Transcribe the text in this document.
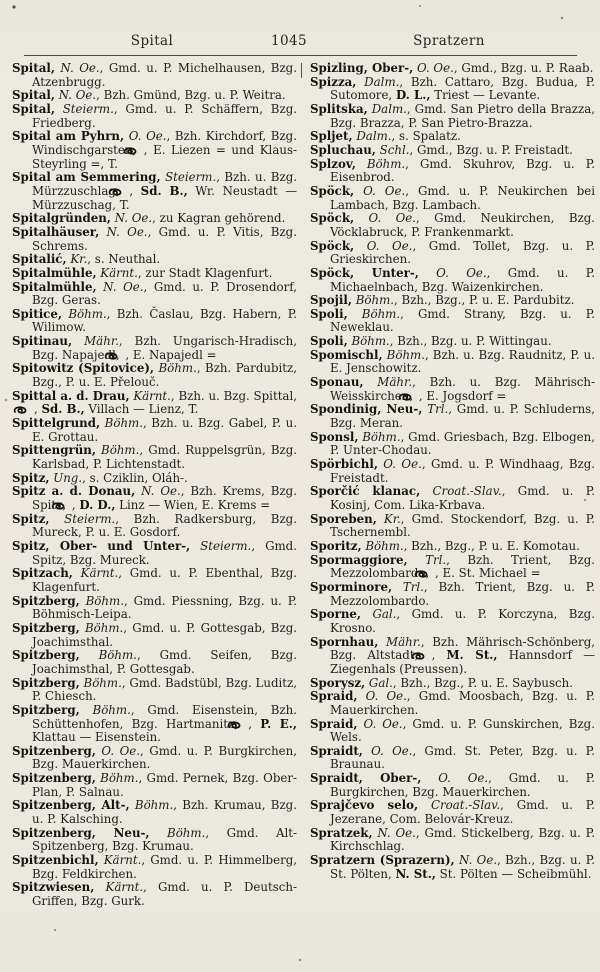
Spital	1045	Spratzern

Spital, N. Oe., Gmd. u. P. Michelhausen, Bzg. Atzenbrugg.

Spital, N. Oe., Bzh. Gmünd, Bzg. u. P. Weitra.

Spital, Steierm., Gmd. u. P. Schäffern, Bzg. Friedberg.

Spital am Pyhrn, O. Oe., Bzh. Kirchdorf, Bzg. Windischgarsten, , E. Liezen = und Klaus-Steyrling =, T.

Spital am Semmering, Steierm., Bzh. u. Bzg. Mürzzuschlag, , Sd. B., Wr. Neustadt — Mürzzuschag, T.

Spitalgründen, N. Oe., zu Kagran gehörend.

Spitalhäuser, N. Oe., Gmd. u. P. Vitis, Bzg. Schrems.

Spitalić, Kr., s. Neuthal.

Spitalmühle, Kärnt., zur Stadt Klagenfurt.

Spitalmühle, N. Oe., Gmd. u. P. Drosendorf, Bzg. Geras.

Spitice, Böhm., Bzh. Časlau, Bzg. Habern, P. Wilimow.

Spitinau, Mähr., Bzh. Ungarisch-Hradisch, Bzg. Napajedl, , E. Napajedl =

Spitowitz (Spitovice), Böhm., Bzh. Pardubitz, Bzg., P. u. E. Přelouč.

Spittal a. d. Drau, Kärnt., Bzh. u. Bzg. Spittal, , Sd. B., Villach — Lienz, T.

Spittelgrund, Böhm., Bzh. u. Bzg. Gabel, P. u. E. Grottau.

Spittengrün, Böhm., Gmd. Ruppelsgrün, Bzg. Karlsbad, P. Lichtenstadt.

Spitz, Ung., s. Cziklin, Oláh-.

Spitz a. d. Donau, N. Oe., Bzh. Krems, Bzg. Spitz, , D. D., Linz — Wien, E. Krems =

Spitz, Steierm., Bzh. Radkersburg, Bzg. Mureck, P. u. E. Gosdorf.

Spitz, Ober- und Unter-, Steierm., Gmd. Spitz, Bzg. Mureck.

Spitzach, Kärnt., Gmd. u. P. Ebenthal, Bzg. Klagenfurt.

Spitzberg, Böhm., Gmd. Piessning, Bzg. u. P. Böhmisch-Leipa.

Spitzberg, Böhm., Gmd. u. P. Gottesgab, Bzg. Joachimsthal.

Spitzberg, Böhm., Gmd. Seifen, Bzg. Joachimsthal, P. Gottesgab.

Spitzberg, Böhm., Gmd. Badstübl, Bzg. Luditz, P. Chiesch.

Spitzberg, Böhm., Gmd. Eisenstein, Bzh. Schüttenhofen, Bzg. Hartmanitz, , P. E., Klattau — Eisenstein.

Spitzenberg, O. Oe., Gmd. u. P. Burgkirchen, Bzg. Mauerkirchen.

Spitzenberg, Böhm., Gmd. Pernek, Bzg. Ober-Plan, P. Salnau.

Spitzenberg, Alt-, Böhm., Bzh. Krumau, Bzg. u. P. Kalsching.

Spitzenberg, Neu-, Böhm., Gmd. Alt-Spitzenberg, Bzg. Krumau.

Spitzenbichl, Kärnt., Gmd. u. P. Himmelberg, Bzg. Feldkirchen.

Spitzwiesen, Kärnt., Gmd. u. P. Deutsch-Griffen, Bzg. Gurk.

Spizling, Ober-, O. Oe., Gmd., Bzg. u. P. Raab.

Spizza, Dalm., Bzh. Cattaro, Bzg. Budua, P. Sutomore, D. L., Triest — Levante.

Splitska, Dalm., Gmd. San Pietro della Brazza, Bzg. Brazza, P. San Pietro-Brazza.

Spljet, Dalm., s. Spalatz.

Spluchau, Schl., Gmd., Bzg. u. P. Freistadt.

Splzov, Böhm., Gmd. Skuhrov, Bzg. u. P. Eisenbrod.

Spöck, O. Oe., Gmd. u. P. Neukirchen bei Lambach, Bzg. Lambach.

Spöck, O. Oe., Gmd. Neukirchen, Bzg. Vöcklabruck, P. Frankenmarkt.

Spöck, O. Oe., Gmd. Tollet, Bzg. u. P. Grieskirchen.

Spöck, Unter-, O. Oe., Gmd. u. P. Michaelnbach, Bzg. Waizenkirchen.

Spojil, Böhm., Bzh., Bzg., P. u. E. Pardubitz.

Spoli, Böhm., Gmd. Strany, Bzg. u. P. Neweklau.

Spoli, Böhm., Bzh., Bzg. u. P. Wittingau.

Spomischl, Böhm., Bzh. u. Bzg. Raudnitz, P. u. E. Jenschowitz.

Sponau, Mähr., Bzh. u. Bzg. Mährisch-Weisskirchen, , E. Jogsdorf =

Spondinig, Neu-, Trl., Gmd. u. P. Schluderns, Bzg. Meran.

Sponsl, Böhm., Gmd. Griesbach, Bzg. Elbogen, P. Unter-Chodau.

Spörbichl, O. Oe., Gmd. u. P. Windhaag, Bzg. Freistadt.

Sporčić klanac, Croat.-Slav., Gmd. u. P. Kosinj, Com. Lika-Krbava.

Sporeben, Kr., Gmd. Stockendorf, Bzg. u. P. Tschernembl.

Sporitz, Böhm., Bzh., Bzg., P. u. E. Komotau.

Spormaggiore, Trl., Bzh. Trient, Bzg. Mezzolombardo, , E. St. Michael =

Sporminore, Trl., Bzh. Trient, Bzg. u. P. Mezzolombardo.

Sporne, Gal., Gmd. u. P. Korczyna, Bzg. Krosno.

Spornhau, Mähr., Bzh. Mährisch-Schönberg, Bzg. Altstadt, , M. St., Hannsdorf — Ziegenhals (Preussen).

Sporysz, Gal., Bzh., Bzg., P. u. E. Saybusch.

Spraid, O. Oe., Gmd. Moosbach, Bzg. u. P. Mauerkirchen.

Spraid, O. Oe., Gmd. u. P. Gunskirchen, Bzg. Wels.

Spraidt, O. Oe., Gmd. St. Peter, Bzg. u. P. Braunau.

Spraidt, Ober-, O. Oe., Gmd. u. P. Burgkirchen, Bzg. Mauerkirchen.

Sprajčevo selo, Croat.-Slav., Gmd. u. P. Jezerane, Com. Belovár-Kreuz.

Spratzek, N. Oe., Gmd. Stickelberg, Bzg. u. P. Kirchschlag.

Spratzern (Sprazern), N. Oe., Bzh., Bzg. u. P. St. Pölten, N. St., St. Pölten — Scheibmühl.
